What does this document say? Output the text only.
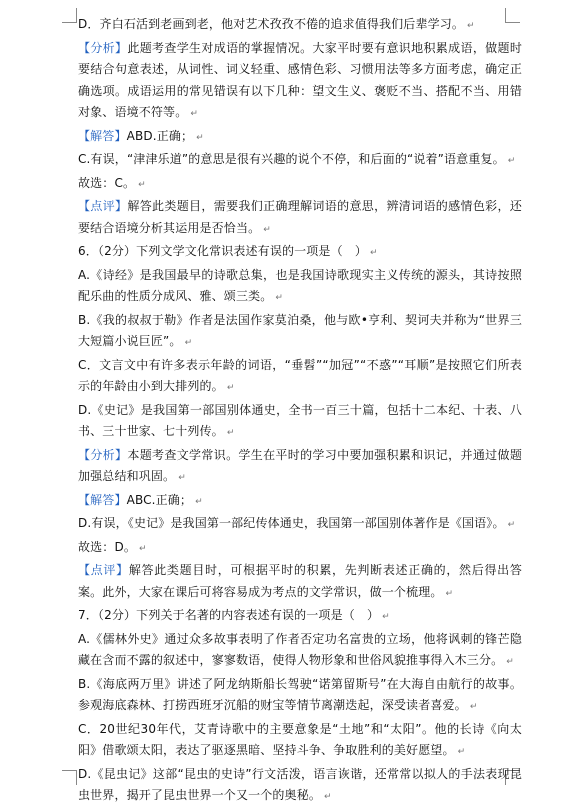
D．齐白石活到老画到老，他对艺术孜孜不倦的追求值得我们后辈学习。 ↵

【分析】此题考查学生对成语的掌握情况。大家平时要有意识地积累成语，做题时要结合句意表述，从词性、词义轻重、感情色彩、习惯用法等多方面考虑，确定正确选项。成语运用的常见错误有以下几种：望文生义、褒贬不当、搭配不当、用错对象、语境不符等。 ↵

【解答】ABD.正确； ↵

C.有误，“津津乐道”的意思是很有兴趣的说个不停，和后面的“说着”语意重复。 ↵

故选：C。 ↵

【点评】解答此类题目，需要我们正确理解词语的意思，辨清词语的感情色彩，还要结合语境分析其运用是否恰当。 ↵

6．（2分）下列文学文化常识表述有误的一项是（　） ↵

A.《诗经》是我国最早的诗歌总集，也是我国诗歌现实主义传统的源头，其诗按照配乐曲的性质分成风、雅、颂三类。 ↵

B.《我的叔叔于勒》作者是法国作家莫泊桑，他与欧•亨利、契诃夫并称为“世界三大短篇小说巨匠”。 ↵

C．文言文中有许多表示年龄的词语，“垂髫”“加冠”“不惑”“耳顺”是按照它们所表示的年龄由小到大排列的。 ↵

D.《史记》是我国第一部国别体通史，全书一百三十篇，包括十二本纪、十表、八书、三十世家、七十列传。 ↵

【分析】本题考查文学常识。学生在平时的学习中要加强积累和识记，并通过做题加强总结和巩固。 ↵

【解答】ABC.正确； ↵

D.有误，《史记》是我国第一部纪传体通史，我国第一部国别体著作是《国语》。 ↵

故选：D。 ↵

【点评】解答此类题目时，可根据平时的积累，先判断表述正确的，然后得出答案。此外，大家在课后可将容易成为考点的文学常识，做一个梳理。 ↵

7．（2分）下列关于名著的内容表述有误的一项是（　） ↵

A.《儒林外史》通过众多故事表明了作者否定功名富贵的立场，他将讽刺的锋芒隐藏在含而不露的叙述中，寥寥数语，使得人物形象和世俗风貌推事得入木三分。 ↵

B.《海底两万里》讲述了阿龙纳斯船长驾驶“诺第留斯号”在大海自由航行的故事。参观海底森林、打捞西班牙沉船的财宝等情节离潮迭起，深受读者喜爱。 ↵

C．20世纪30年代，艾青诗歌中的主要意象是“土地”和“太阳”。他的长诗《向太阳》借歌颂太阳，表达了驱逐黑暗、坚持斗争、争取胜利的美好愿望。 ↵

D.《昆虫记》这部“昆虫的史诗”行文活泼，语言诙谐，还常常以拟人的手法表现昆虫世界，揭开了昆虫世界一个又一个的奥秘。 ↵
